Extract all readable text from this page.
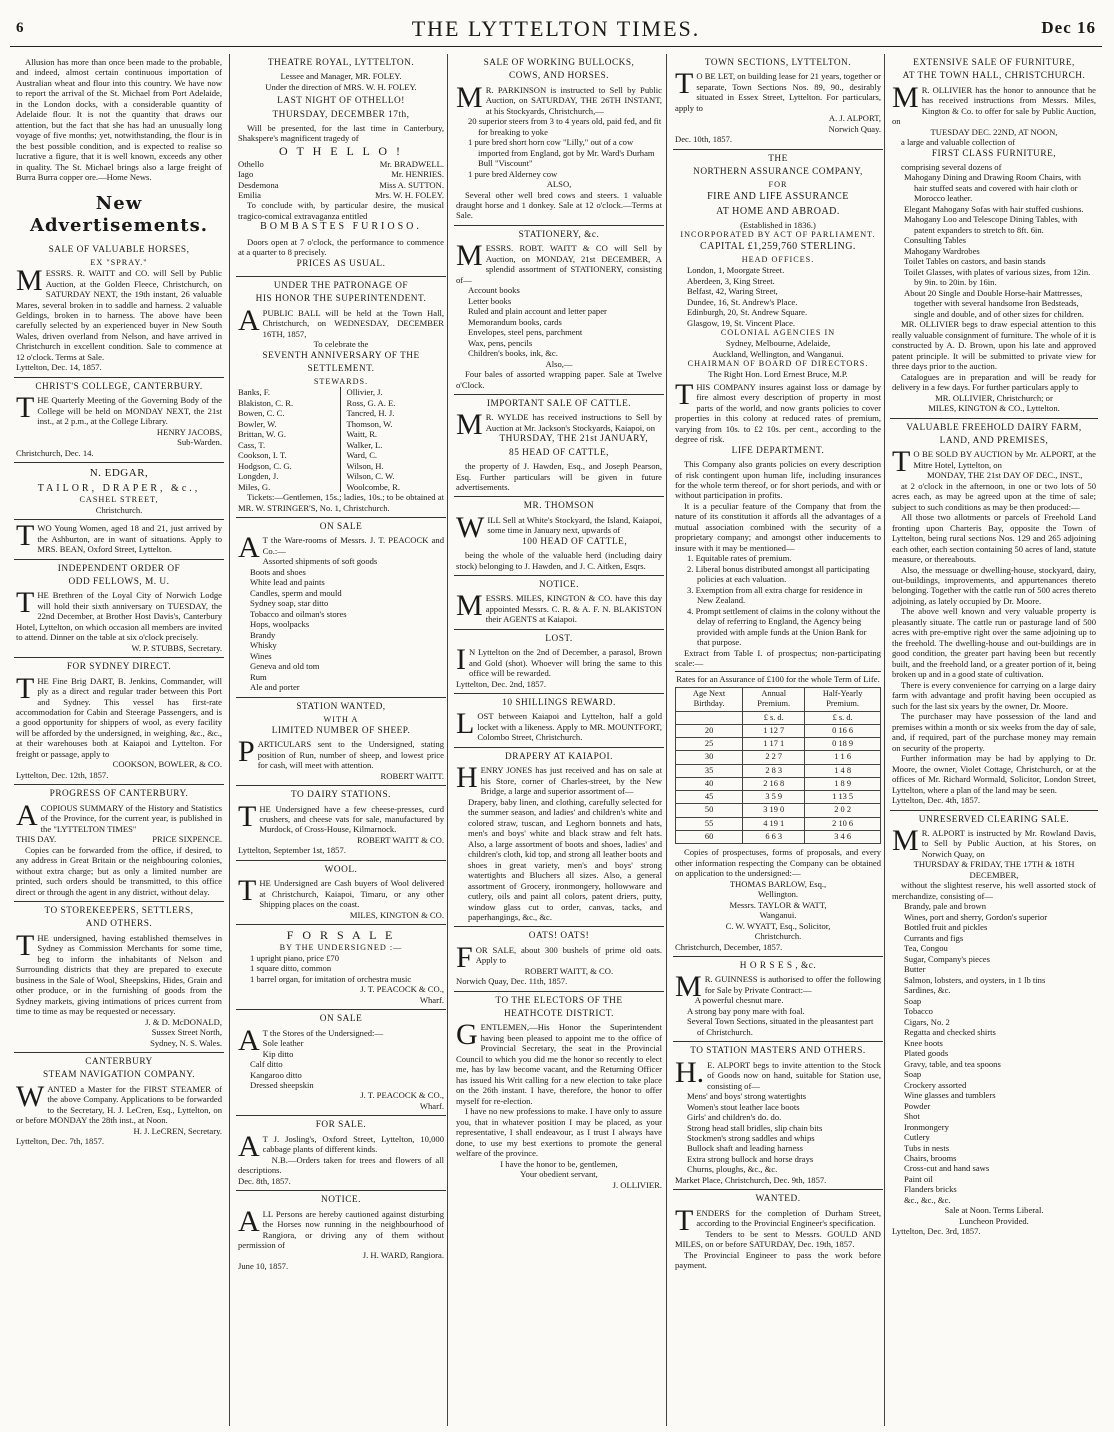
6	THE LYTTELTON TIMES.	Dec 16

Allusion has more than once been made to the probable, and indeed, almost certain continuous importation of Australian wheat and flour into this country. We have now to report the arrival of the St. Michael from Port Adelaide, in the London docks, with a considerable quantity of Adelaide flour. It is not the quantity that draws our attention, but the fact that she has had an unusually long voyage of five months; yet, notwithstanding, the flour is in the best possible condition, and is expected to realise so lucrative a figure, that it is well known, exceeds any other in quality. The St. Michael brings also a large freight of Burra Burra copper ore.—Home News.

New Advertisements.
SALE OF VALUABLE HORSES,
EX "SPRAY."

MESSRS. R. WAITT and CO. will Sell by Public Auction, at the Golden Fleece, Christchurch, on SATURDAY NEXT, the 19th instant, 26 valuable Mares, several broken in to saddle and harness. 2 valuable Geldings, broken in to harness. The above have been carefully selected by an experienced buyer in New South Wales, driven overland from Nelson, and have arrived in Christchurch in excellent condition. Sale to commence at 12 o'clock. Terms at Sale.

Lyttelton, Dec. 14, 1857.
CHRIST'S COLLEGE, CANTERBURY.

THE Quarterly Meeting of the Governing Body of the College will be held on MONDAY NEXT, the 21st inst., at 2 p.m., at the College Library.

HENRY JACOBS,
Sub-Warden.
Christchurch, Dec. 14.
N. EDGAR,
TAILOR, DRAPER, &c.,
CASHEL STREET,
Christchurch.

TWO Young Women, aged 18 and 21, just arrived by the Ashburton, are in want of situations. Apply to MRS. BEAN, Oxford Street, Lyttelton.

INDEPENDENT ORDER OF
ODD FELLOWS, M. U.

THE Brethren of the Loyal City of Norwich Lodge will hold their sixth anniversary on TUESDAY, the 22nd December, at Brother Host Davis's, Canterbury Hotel, Lyttelton, on which occasion all members are invited to attend. Dinner on the table at six o'clock precisely.

W. P. STUBBS, Secretary.
FOR SYDNEY DIRECT.

THE Fine Brig DART, B. Jenkins, Commander, will ply as a direct and regular trader between this Port and Sydney. This vessel has first-rate accommodation for Cabin and Steerage Passengers, and is a good opportunity for shippers of wool, as every facility will be afforded by the undersigned, in weighing, &c., &c., at their warehouses both at Kaiapoi and Lyttelton. For freight or passage, apply to

COOKSON, BOWLER, & CO.
Lyttelton, Dec. 12th, 1857.
PROGRESS OF CANTERBURY.

ACOPIOUS SUMMARY of the History and Statistics of the Province, for the current year, is published in the "LYTTELTON TIMES"

THIS DAY.	PRICE SIXPENCE.

Copies can be forwarded from the office, if desired, to any address in Great Britain or the neighbouring colonies, without extra charge; but as only a limited number are printed, such orders should be transmitted, to this office direct or through the agent in any district, without delay.

TO STOREKEEPERS, SETTLERS,
AND OTHERS.

THE undersigned, having established themselves in Sydney as Commission Merchants for some time, beg to inform the inhabitants of Nelson and Surrounding districts that they are prepared to execute business in the Sale of Wool, Sheepskins, Hides, Grain and other produce, or in the furnishing of goods from the Sydney markets, giving intimations of prices current from time to time as may be requested or necessary.

J. & D. McDONALD,
Sussex Street North,
Sydney, N. S. Wales.
CANTERBURY
STEAM NAVIGATION COMPANY.

WANTED a Master for the FIRST STEAMER of the above Company. Applications to be forwarded to the Secretary, H. J. LeCren, Esq., Lyttelton, on or before MONDAY the 28th inst., at Noon.

H. J. LeCREN, Secretary.
Lyttelton, Dec. 7th, 1857.
THEATRE ROYAL, LYTTELTON.
Lessee and Manager, MR. FOLEY.
Under the direction of MRS. W. H. FOLEY.
LAST NIGHT OF OTHELLO!
THURSDAY, DECEMBER 17th,

Will be presented, for the last time in Canterbury, Shakspere's magnificent tragedy of

O T H E L L O !
Othello	Mr. BRADWELL.
Iago	Mr. HENRIES.
Desdemona	Miss A. SUTTON.
Emilia	Mrs. W. H. FOLEY.

To conclude with, by particular desire, the musical tragico-comical extravaganza entitled

BOMBASTES FURIOSO.

Doors open at 7 o'clock, the performance to commence at a quarter to 8 precisely.

PRICES AS USUAL.
UNDER THE PATRONAGE OF
HIS HONOR THE SUPERINTENDENT.

APUBLIC BALL will be held at the Town Hall, Christchurch, on WEDNESDAY, DECEMBER 16TH, 1857,

To celebrate the
SEVENTH ANNIVERSARY OF THE
SETTLEMENT.
STEWARDS.
Banks, F.
Blakiston, C. R.
Bowen, C. C.
Bowler, W.
Brittan, W. G.
Cass, T.
Cookson, I. T.
Hodgson, C. G.
Longden, J.
Miles, G.
Ollivier, J.
Ross, G. A. E.
Tancred, H. J.
Thomson, W.
Waitt, R.
Walker, L.
Ward, C.
Wilson, H.
Wilson, C. W.
Woolcombe, R.

Tickets:—Gentlemen, 15s.; ladies, 10s.; to be obtained at MR. W. STRINGER'S, No. 1, Christchurch.

ON SALE

A T the Ware-rooms of Messrs. J. T. PEACOCK and Co.:—

Assorted shipments of soft goods
Boots and shoes
White lead and paints
Candles, sperm and mould
Sydney soap, star ditto
Tobacco and oilman's stores
Hops, woolpacks
Brandy
Whisky
Wines
Geneva and old tom
Rum
Ale and porter
STATION WANTED,
WITH A
LIMITED NUMBER OF SHEEP.

PARTICULARS sent to the Undersigned, stating position of Run, number of sheep, and lowest price for cash, will meet with attention.

ROBERT WAITT.
TO DAIRY STATIONS.

THE Undersigned have a few cheese-presses, curd crushers, and cheese vats for sale, manufactured by Murdock, of Cross-House, Kilmarnock.

ROBERT WAITT & CO.
Lyttelton, September 1st, 1857.
WOOL.

THE Undersigned are Cash buyers of Wool delivered at Christchurch, Kaiapoi, Timaru, or any other Shipping places on the coast.

MILES, KINGTON & CO.
F O R S A L E
BY THE UNDERSIGNED :—
1 upright piano, price £70
1 square ditto, common
1 barrel organ, for imitation of orchestra music
J. T. PEACOCK & CO.,
Wharf.
ON SALE

A T the Stores of the Undersigned:—

Sole leather
Kip ditto
Calf ditto
Kangaroo ditto
Dressed sheepskin
J. T. PEACOCK & CO.,
Wharf.
FOR SALE.

A T J. Josling's, Oxford Street, Lyttelton, 10,000 cabbage plants of different kinds.

N.B.—Orders taken for trees and flowers of all descriptions.

Dec. 8th, 1857.
NOTICE.

ALL Persons are hereby cautioned against disturbing the Horses now running in the neighbourhood of Rangiora, or driving any of them without permission of

J. H. WARD, Rangiora.
June 10, 1857.
SALE OF WORKING BULLOCKS,
COWS, AND HORSES.

M R. PARKINSON is instructed to Sell by Public Auction, on SATURDAY, THE 26TH INSTANT, at his Stockyards, Christchurch,—

20 superior steers from 3 to 4 years old, paid fed, and fit for breaking to yoke
1 pure bred short horn cow "Lilly," out of a cow imported from England, got by Mr. Ward's Durham Bull "Viscount"
1 pure bred Alderney cow
ALSO,

Several other well bred cows and steers. 1 valuable draught horse and 1 donkey. Sale at 12 o'clock.—Terms at Sale.

STATIONERY, &c.

MESSRS. ROBT. WAITT & CO will Sell by Auction, on MONDAY, 21st DECEMBER, A splendid assortment of STATIONERY, consisting of—

Account books
Letter books
Ruled and plain account and letter paper
Memorandum books, cards
Envelopes, steel pens, parchment
Wax, pens, pencils
Children's books, ink, &c.
Also,—

Four bales of assorted wrapping paper. Sale at Twelve o'Clock.

IMPORTANT SALE OF CATTLE.

M R. WYLDE has received instructions to Sell by Auction at Mr. Jackson's Stockyards, Kaiapoi, on

THURSDAY, THE 21st JANUARY,
85 HEAD OF CATTLE,

the property of J. Hawden, Esq., and Joseph Pearson, Esq. Further particulars will be given in future advertisements.

MR. THOMSON

WILL Sell at White's Stockyard, the Island, Kaiapoi, some time in January next, upwards of

100 HEAD OF CATTLE,

being the whole of the valuable herd (including dairy stock) belonging to J. Hawden, and J. C. Aitken, Esqrs.

NOTICE.

MESSRS. MILES, KINGTON & CO. have this day appointed Messrs. C. R. & A. F. N. BLAKISTON their AGENTS at Kaiapoi.

LOST.

I N Lyttelton on the 2nd of December, a parasol, Brown and Gold (shot). Whoever will bring the same to this office will be rewarded.

Lyttelton, Dec. 2nd, 1857.
10 SHILLINGS REWARD.

LOST between Kaiapoi and Lyttelton, half a gold locket with a likeness. Apply to MR. MOUNTFORT, Colombo Street, Christchurch.

DRAPERY AT KAIAPOI.

HENRY JONES has just received and has on sale at his Store, corner of Charles-street, by the New Bridge, a large and superior assortment of—

Drapery, baby linen, and clothing, carefully selected for the summer season, and ladies' and children's white and colored straw, tuscan, and Leghorn bonnets and hats, men's and boys' white and black straw and felt hats. Also, a large assortment of boots and shoes, ladies' and children's cloth, kid top, and strong all leather boots and shoes in great variety, men's and boys' strong watertights and Bluchers all sizes. Also, a general assortment of Grocery, ironmongery, hollowware and cutlery, oils and paint all colors, patent driers, putty, window glass cut to order, canvas, tacks, and paperhangings, &c., &c.

OATS! OATS!

FOR SALE, about 300 bushels of prime old oats. Apply to

ROBERT WAITT, & CO.
Norwich Quay, Dec. 11th, 1857.
TO THE ELECTORS OF THE
HEATHCOTE DISTRICT.

GENTLEMEN,—His Honor the Superintendent having been pleased to appoint me to the office of Provincial Secretary, the seat in the Provincial Council to which you did me the honor so recently to elect me, has by law become vacant, and the Returning Officer has issued his Writ calling for a new election to take place on the 26th instant. I have, therefore, the honor to offer myself for re-election.

I have no new professions to make. I have only to assure you, that in whatever position I may be placed, as your representative, I shall endeavour, as I trust I always have done, to use my best exertions to promote the general welfare of the province.

I have the honor to be, gentlemen,
Your obedient servant,
J. OLLIVIER.
TOWN SECTIONS, LYTTELTON.

T O BE LET, on building lease for 21 years, together or separate, Town Sections Nos. 89, 90., desirably situated in Essex Street, Lyttelton. For particulars, apply to

A. J. ALPORT,
Norwich Quay.
Dec. 10th, 1857.
THE
NORTHERN ASSURANCE COMPANY,
FOR
FIRE AND LIFE ASSURANCE
AT HOME AND ABROAD.
(Established in 1836.)
INCORPORATED BY ACT OF PARLIAMENT.
CAPITAL £1,259,760 STERLING.
HEAD OFFICES.
London, 1, Moorgate Street.
Aberdeen, 3, King Street.
Belfast, 42, Waring Street,
Dundee, 16, St. Andrew's Place.
Edinburgh, 20, St. Andrew Square.
Glasgow, 19, St. Vincent Place.
COLONIAL AGENCIES IN
Sydney, Melbourne, Adelaide,
Auckland, Wellington, and Wanganui.
CHAIRMAN OF BOARD OF DIRECTORS.
The Right Hon. Lord Ernest Bruce, M.P.

THIS COMPANY insures against loss or damage by fire almost every description of property in most parts of the world, and now grants policies to cover properties in this colony at reduced rates of premium, varying from 10s. to £2 10s. per cent., according to the degree of risk.

LIFE DEPARTMENT.

This Company also grants policies on every description of risk contingent upon human life, including insurances for the whole term thereof, or for short periods, and with or without participation in profits.

It is a peculiar feature of the Company that from the nature of its constitution it affords all the advantages of a mutual association combined with the security of a proprietary company; and amongst other inducements to insure with it may be mentioned—

1. Equitable rates of premium.
2. Liberal bonus distributed amongst all participating policies at each valuation.
3. Exemption from all extra charge for residence in New Zealand.
4. Prompt settlement of claims in the colony without the delay of referring to England, the Agency being provided with ample funds at the Union Bank for that purpose.

Extract from Table I. of prospectus; non-participating scale:—

Rates for an Assurance of £100 for the whole Term of Life.
Age Next Birthday.	Annual Premium.	Half-Yearly Premium.
	£ s. d.	£ s. d.
20	1 12 7	0 16 6
25	1 17 1	0 18 9
30	2 2 7	1 1 6
35	2 8 3	1 4 8
40	2 16 8	1 8 9
45	3 5 9	1 13 5
50	3 19 0	2 0 2
55	4 19 1	2 10 6
60	6 6 3	3 4 6

Copies of prospectuses, forms of proposals, and every other information respecting the Company can be obtained on application to the undersigned:—

THOMAS BARLOW, Esq.,
Wellington.
Messrs. TAYLOR & WATT,
Wanganui.
C. W. WYATT, Esq., Solicitor,
Christchurch.
Christchurch, December, 1857.
H O R S E S , &c.

M R. GUINNESS is authorised to offer the following for Sale by Private Contract:—

A powerful chesnut mare.
A strong bay pony mare with foal.
Several Town Sections, situated in the pleasantest part of Christchurch.
TO STATION MASTERS AND OTHERS.

H. E. ALPORT begs to invite attention to the Stock of Goods now on hand, suitable for Station use, consisting of—

Mens' and boys' strong watertights
Women's stout leather lace boots
Girls' and children's do. do.
Strong head stall bridles, slip chain bits
Stockmen's strong saddles and whips
Bullock shaft and leading harness
Extra strong bullock and horse drays
Churns, ploughs, &c., &c.
Market Place, Christchurch, Dec. 9th, 1857.
WANTED.

TENDERS for the completion of Durham Street, according to the Provincial Engineer's specification.

Tenders to be sent to Messrs. GOULD AND MILES, on or before SATURDAY, Dec. 19th, 1857.

The Provincial Engineer to pass the work before payment.

EXTENSIVE SALE OF FURNITURE,
AT THE TOWN HALL, CHRISTCHURCH.

M R. OLLIVIER has the honor to announce that he has received instructions from Messrs. Miles, Kington & Co. to offer for sale by Public Auction, on

TUESDAY DEC. 22ND, AT NOON,

a large and valuable collection of

FIRST CLASS FURNITURE,

comprising several dozens of

Mahogany Dining and Drawing Room Chairs, with hair stuffed seats and covered with hair cloth or Morocco leather.
Elegant Mahogany Sofas with hair stuffed cushions.
Mahogany Loo and Telescope Dining Tables, with patent expanders to stretch to 8ft. 6in.
Consulting Tables
Mahogany Wardrobes
Toilet Tables on castors, and basin stands
Toilet Glasses, with plates of various sizes, from 12in. by 9in. to 20in. by 16in.
About 20 Single and Double Horse-hair Mattresses, together with several handsome Iron Bedsteads, single and double, and of other sizes for children.

MR. OLLIVIER begs to draw especial attention to this really valuable consignment of furniture. The whole of it is constructed by A. D. Brown, upon his late and approved patent principle. It will be submitted to private view for three days prior to the auction.

Catalogues are in preparation and will be ready for delivery in a few days. For further particulars apply to

MR. OLLIVIER, Christchurch; or
MILES, KINGTON & CO., Lyttelton.
VALUABLE FREEHOLD DAIRY FARM,
LAND, AND PREMISES,

T O BE SOLD BY AUCTION by Mr. ALPORT, at the Mitre Hotel, Lyttelton, on

MONDAY, THE 21st DAY OF DEC., INST.,

at 2 o'clock in the afternoon, in one or two lots of 50 acres each, as may be agreed upon at the time of sale; subject to such conditions as may be then produced:—

All those two allotments or parcels of Freehold Land fronting upon Charteris Bay, opposite the Town of Lyttelton, being rural sections Nos. 129 and 265 adjoining each other, each section containing 50 acres of land, statute measure, or thereabouts.

Also, the messuage or dwelling-house, stockyard, dairy, out-buildings, improvements, and appurtenances thereto belonging. Together with the cattle run of 500 acres thereto adjoining, as lately occupied by Dr. Moore.

The above well known and very valuable property is pleasantly situate. The cattle run or pasturage land of 500 acres with pre-emptive right over the same adjoining up to the freehold. The dwelling-house and out-buildings are in good condition, the greater part having been but recently built, and the freehold land, or a greater portion of it, being broken up and in a good state of cultivation.

There is every convenience for carrying on a large dairy farm with advantage and profit having been occupied as such for the last six years by the owner, Dr. Moore.

The purchaser may have possession of the land and premises within a month or six weeks from the day of sale, and, if required, part of the purchase money may remain on security of the property.

Further information may be had by applying to Dr. Moore, the owner, Violet Cottage, Christchurch, or at the offices of Mr. Richard Wormald, Solicitor, London Street, Lyttelton, where a plan of the land may be seen.

Lyttelton, Dec. 4th, 1857.
UNRESERVED CLEARING SALE.

M R. ALPORT is instructed by Mr. Rowland Davis, to Sell by Public Auction, at his Stores, on Norwich Quay, on

THURSDAY & FRIDAY, THE 17TH & 18TH DECEMBER,

without the slightest reserve, his well assorted stock of merchandize, consisting of—

Brandy, pale and brown
Wines, port and sherry, Gordon's superior
Bottled fruit and pickles
Currants and figs
Tea, Congou
Sugar, Company's pieces
Butter
Salmon, lobsters, and oysters, in 1 lb tins
Sardines, &c.
Soap
Tobacco
Cigars, No. 2
Regatta and checked shirts
Knee boots
Plated goods
Gravy, table, and tea spoons
Soap
Crockery assorted
Wine glasses and tumblers
Powder
Shot
Ironmongery
Cutlery
Tubs in nests
Chairs, brooms
Cross-cut and hand saws
Paint oil
Flanders bricks
&c., &c., &c.
Sale at Noon. Terms Liberal.
Luncheon Provided.
Lyttelton, Dec. 3rd, 1857.
